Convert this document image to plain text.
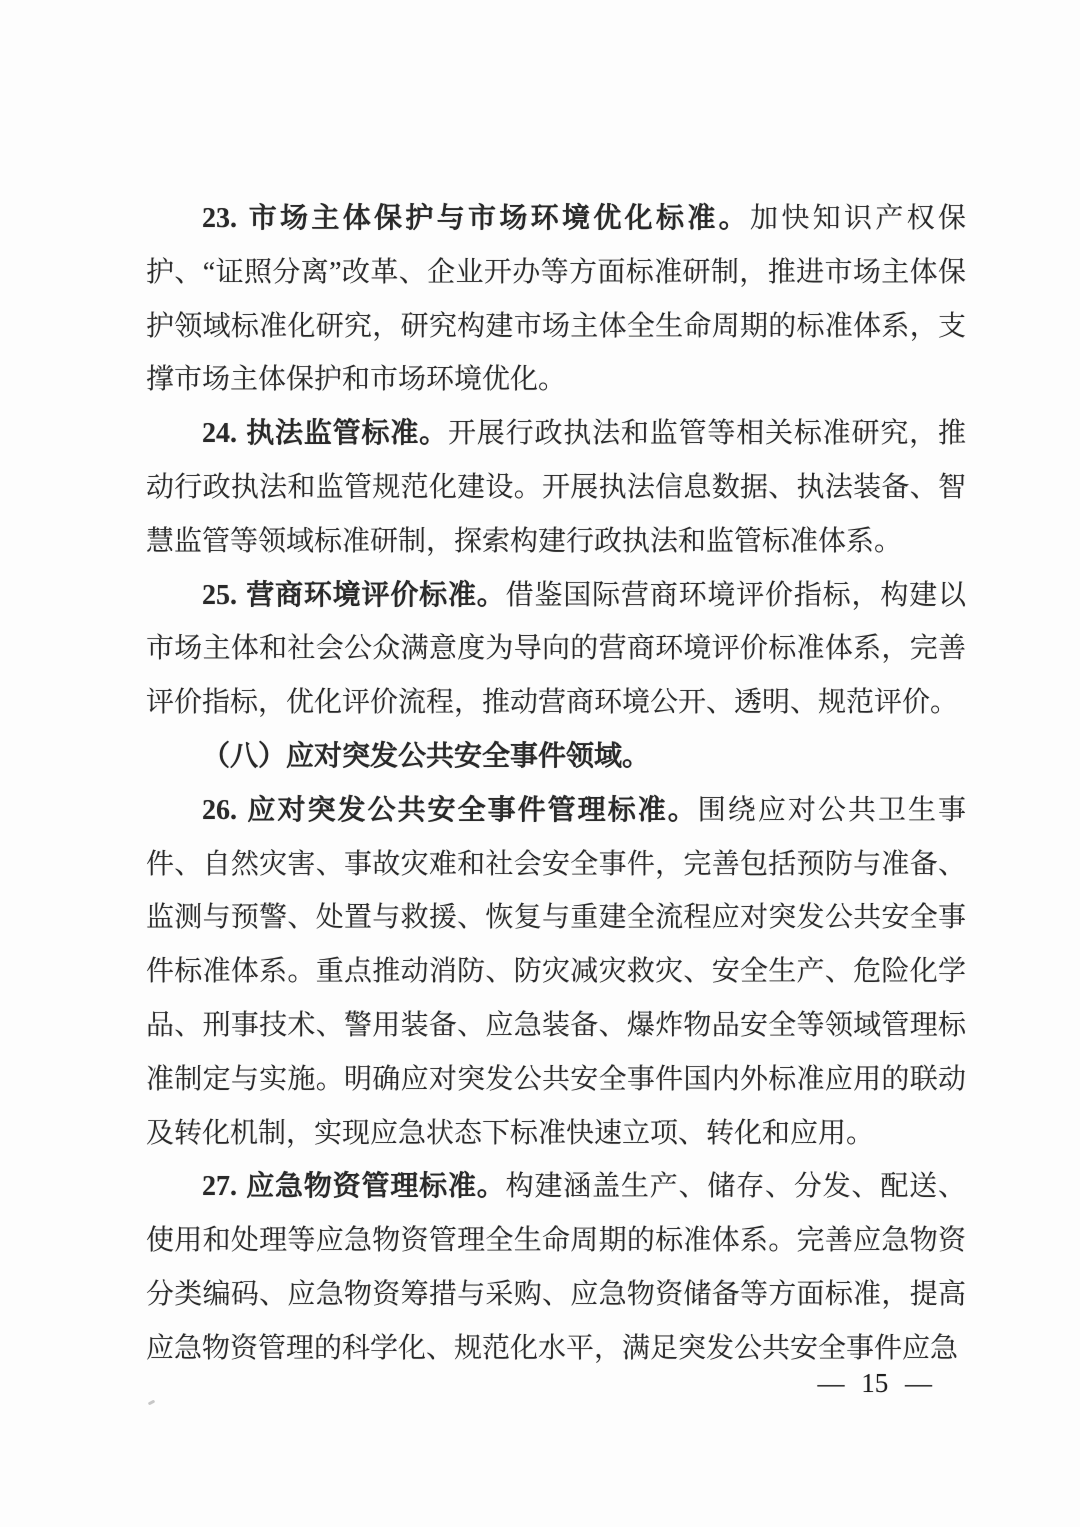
23. 市场主体保护与市场环境优化标准。加快知识产权保护、“证照分离”改革、企业开办等方面标准研制，推进市场主体保护领域标准化研究，研究构建市场主体全生命周期的标准体系，支撑市场主体保护和市场环境优化。

24. 执法监管标准。开展行政执法和监管等相关标准研究，推动行政执法和监管规范化建设。开展执法信息数据、执法装备、智慧监管等领域标准研制，探索构建行政执法和监管标准体系。

25. 营商环境评价标准。借鉴国际营商环境评价指标，构建以市场主体和社会公众满意度为导向的营商环境评价标准体系，完善评价指标，优化评价流程，推动营商环境公开、透明、规范评价。

（八）应对突发公共安全事件领域。

26. 应对突发公共安全事件管理标准。围绕应对公共卫生事件、自然灾害、事故灾难和社会安全事件，完善包括预防与准备、监测与预警、处置与救援、恢复与重建全流程应对突发公共安全事件标准体系。重点推动消防、防灾减灾救灾、安全生产、危险化学品、刑事技术、警用装备、应急装备、爆炸物品安全等领域管理标准制定与实施。明确应对突发公共安全事件国内外标准应用的联动及转化机制，实现应急状态下标准快速立项、转化和应用。

27. 应急物资管理标准。构建涵盖生产、储存、分发、配送、使用和处理等应急物资管理全生命周期的标准体系。完善应急物资分类编码、应急物资筹措与采购、应急物资储备等方面标准，提高应急物资管理的科学化、规范化水平，满足突发公共安全事件应急

— 15 —
